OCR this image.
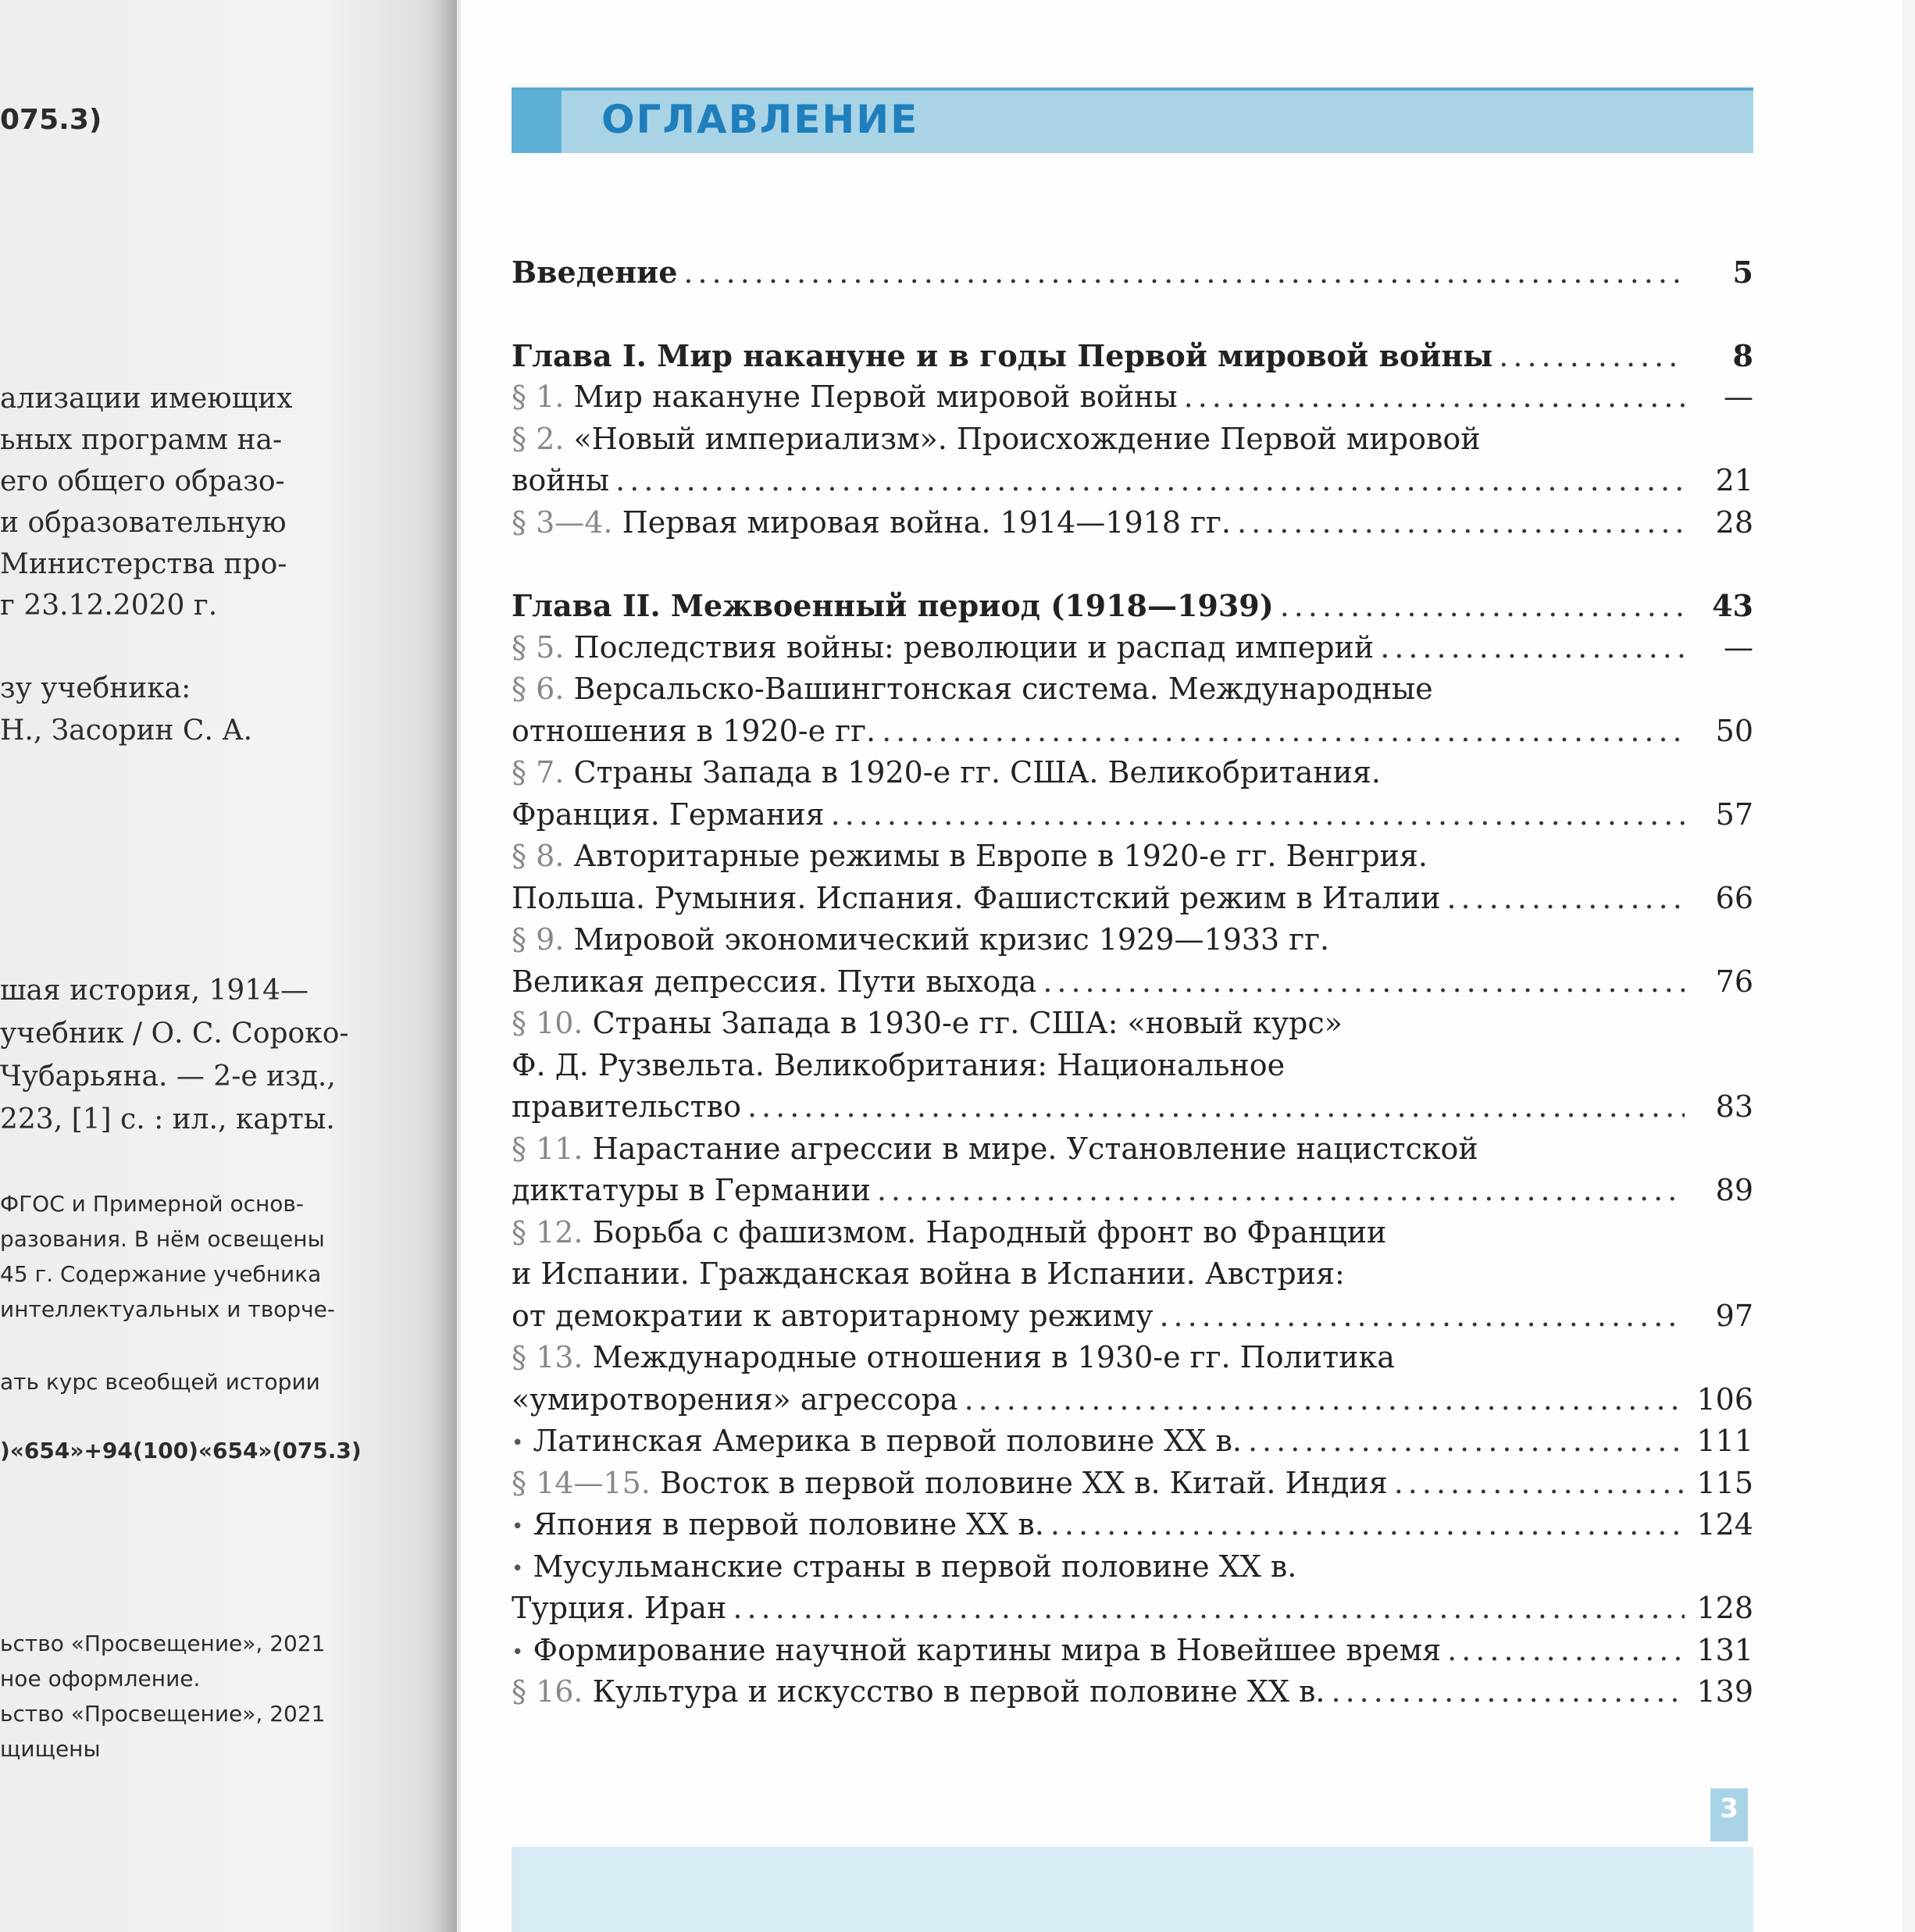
075.3)
ализации имеющих
ьных программ на-
его общего образо-
и образовательную
Министерства про-
г 23.12.2020 г.
зу учебника:
Н., Засорин С. А.
шая история, 1914—
учебник / О. С. Сороко-
Чубарьяна. — 2-е изд.,
223, [1] с. : ил., карты.
ФГОС и Примерной основ-
разования. В нём освещены
45 г. Содержание учебника
интеллектуальных и творче-
ать курс всеобщей истории
)«654»+94(100)«654»(075.3)
ьство «Просвещение», 2021
ное оформление.
ьство «Просвещение», 2021
щищены
ОГЛАВЛЕНИЕ
Введение .....	5
Глава I. Мир накануне и в годы Первой мировой войны .....	8
§ 1. Мир накануне Первой мировой войны .....	—
§ 2. «Новый империализм». Происхождение Первой мировой
войны .....	21
§ 3—4. Первая мировая война. 1914—1918 гг. .....	28
Глава II. Межвоенный период (1918—1939) .....	43
§ 5. Последствия войны: революции и распад империй .....	—
§ 6. Версальско-Вашингтонская система. Международные
отношения в 1920-е гг. .....	50
§ 7. Страны Запада в 1920-е гг. США. Великобритания.
Франция. Германия .....	57
§ 8. Авторитарные режимы в Европе в 1920-е гг. Венгрия.
Польша. Румыния. Испания. Фашистский режим в Италии .....	66
§ 9. Мировой экономический кризис 1929—1933 гг.
Великая депрессия. Пути выхода .....	76
§ 10. Страны Запада в 1930-е гг. США: «новый курс»
Ф. Д. Рузвельта. Великобритания: Национальное
правительство .....	83
§ 11. Нарастание агрессии в мире. Установление нацистской
диктатуры в Германии .....	89
§ 12. Борьба с фашизмом. Народный фронт во Франции
и Испании. Гражданская война в Испании. Австрия:
от демократии к авторитарному режиму .....	97
§ 13. Международные отношения в 1930-е гг. Политика
«умиротворения» агрессора .....	106
• Латинская Америка в первой половине XX в. .....	111
§ 14—15. Восток в первой половине XX в. Китай. Индия .....	115
• Япония в первой половине XX в. .....	124
• Мусульманские страны в первой половине XX в.
Турция. Иран .....	128
• Формирование научной картины мира в Новейшее время .....	131
§ 16. Культура и искусство в первой половине XX в. .....	139
3
